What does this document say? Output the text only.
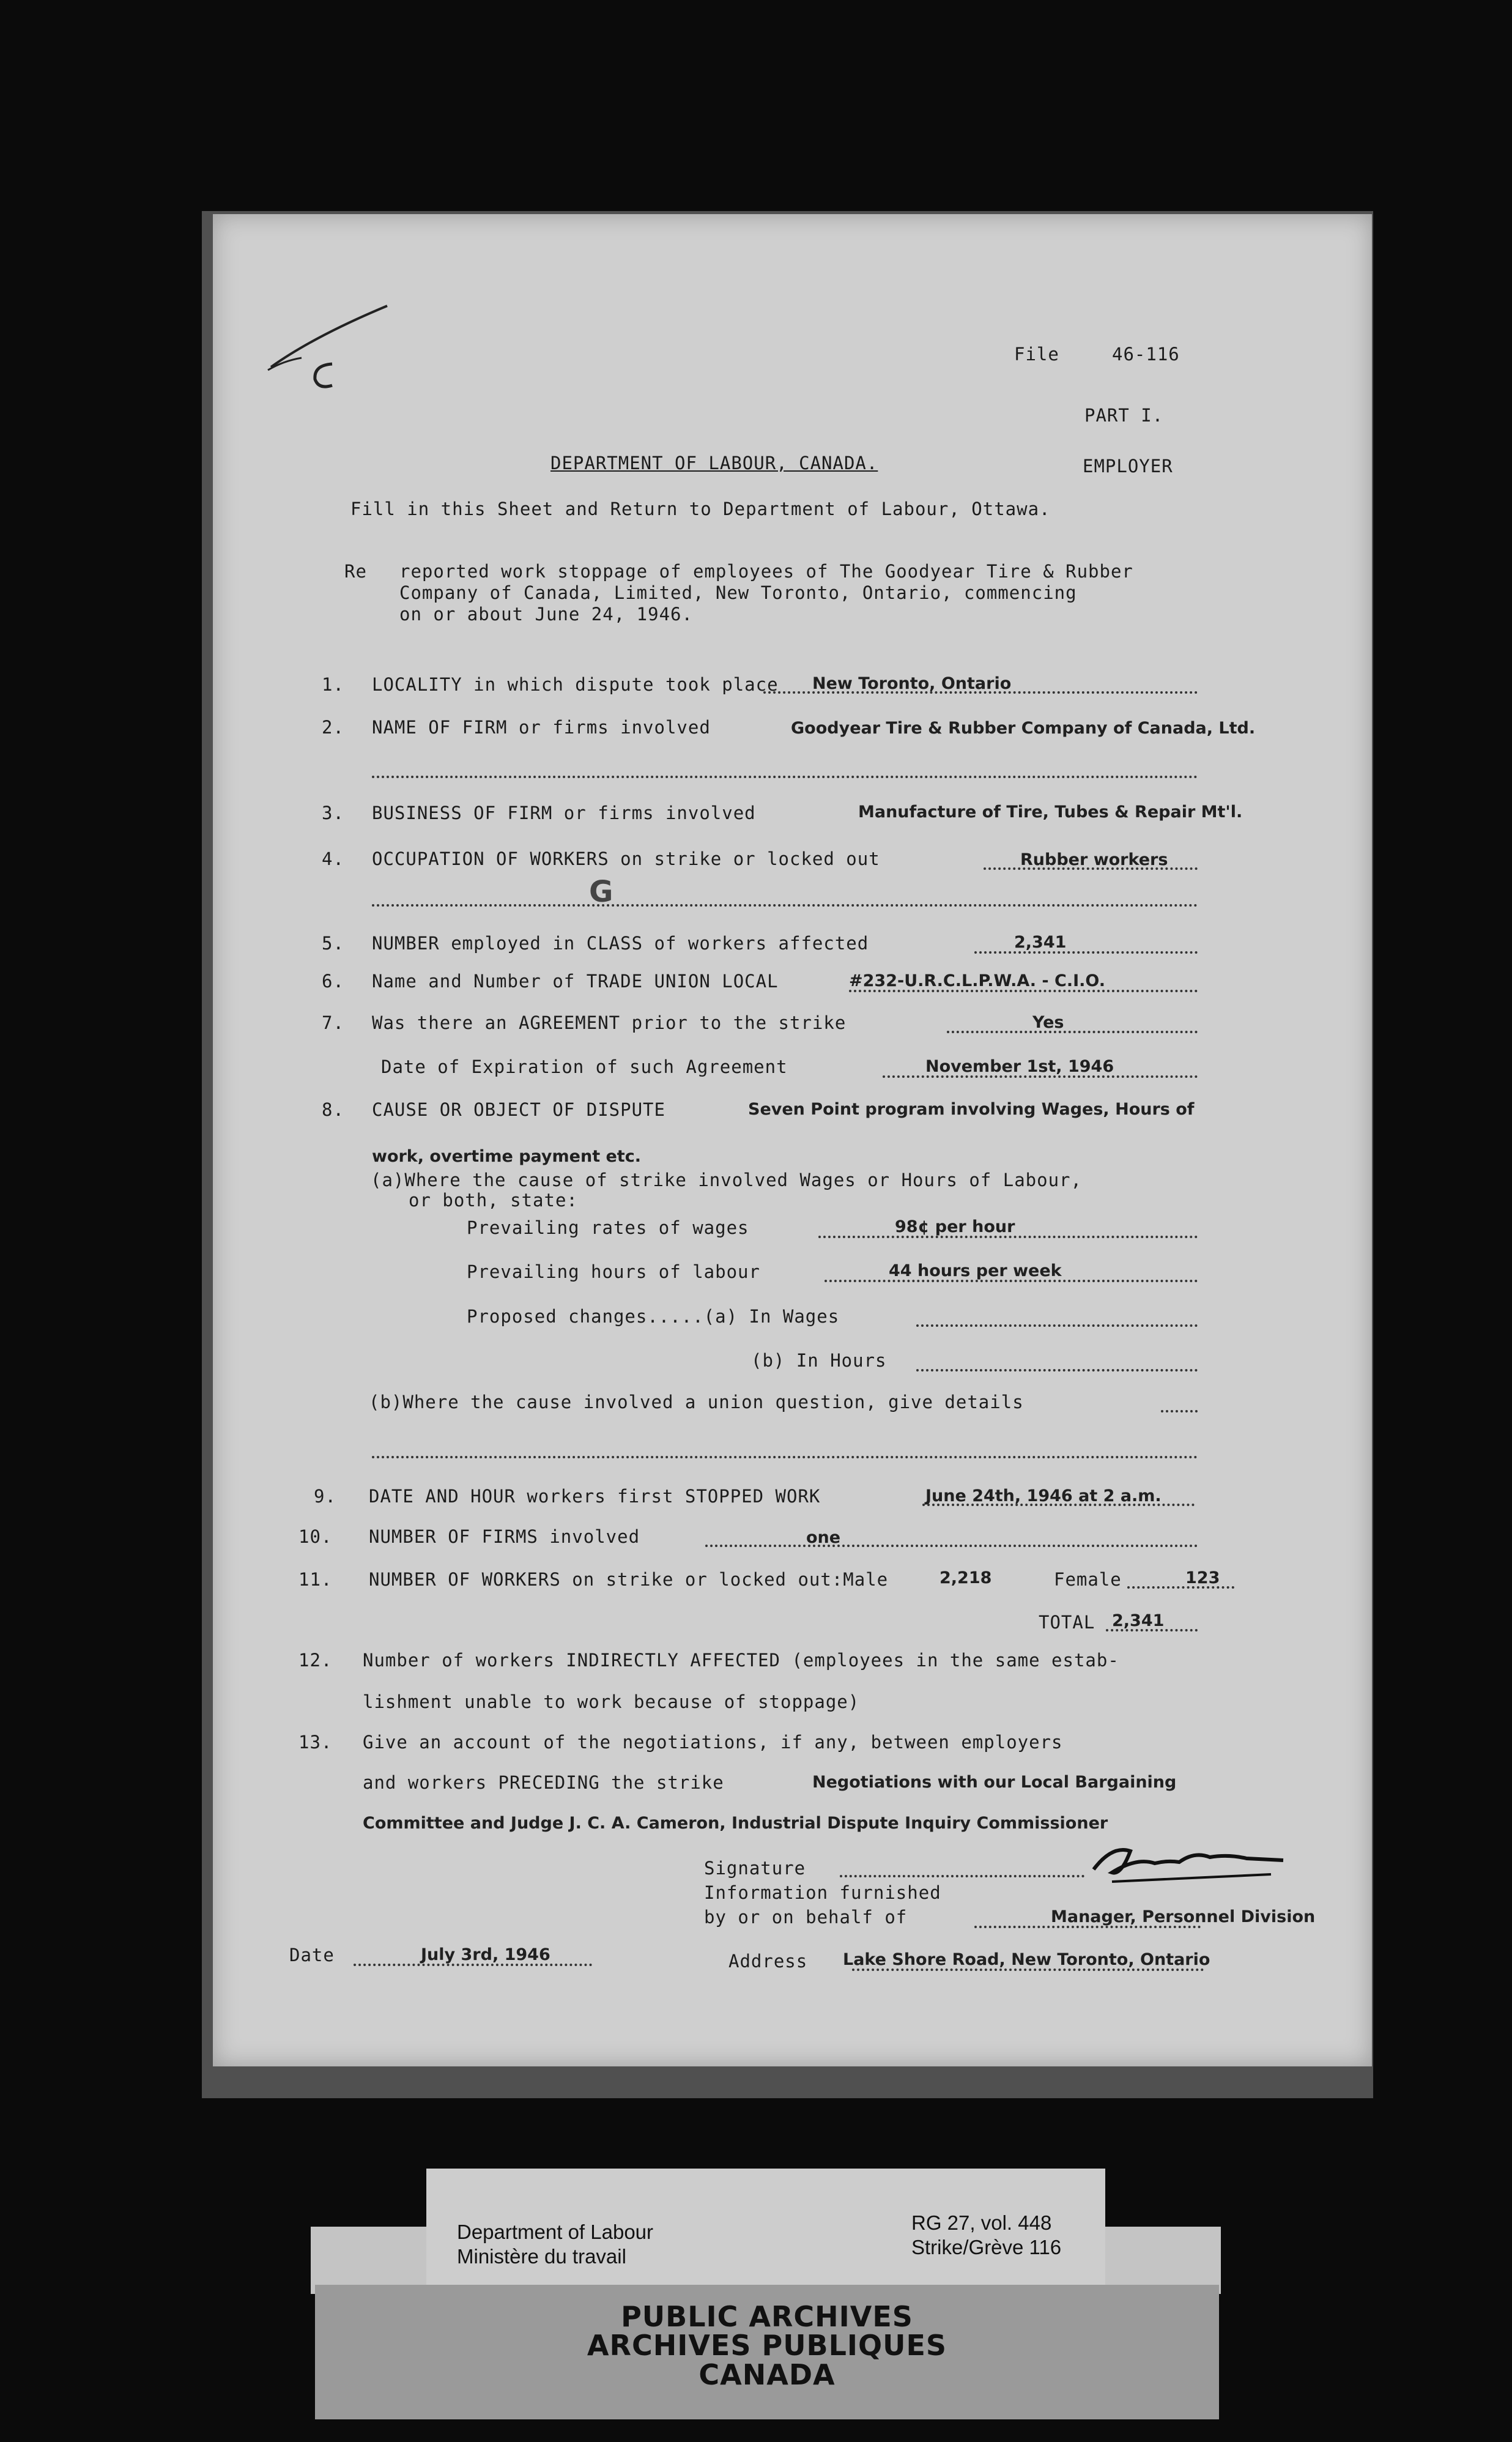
File	46-116
PART I.
DEPARTMENT OF LABOUR, CANADA.	EMPLOYER
Fill in this Sheet and Return to Department of Labour, Ottawa.
Re reported work stoppage of employees of The Goodyear Tire & Rubber
Company of Canada, Limited, New Toronto, Ontario, commencing
on or about June 24, 1946.
1. LOCALITY in which dispute took place New Toronto, Ontario
2. NAME OF FIRM or firms involved	Goodyear Tire & Rubber Company of Canada, Ltd.
3. BUSINESS OF FIRM or firms involved	Manufacture of Tire, Tubes & Repair Mt'l.
4. OCCUPATION OF WORKERS on strike or locked out	Rubber workers
G
5. NUMBER employed in CLASS of workers affected	2,341
6. Name and Number of TRADE UNION LOCAL	#232-U.R.C.L.P.W.A. - C.I.O.
7. Was there an AGREEMENT prior to the strike	Yes
Date of Expiration of such Agreement	November 1st, 1946
8. CAUSE OR OBJECT OF DISPUTE	Seven Point program involving Wages, Hours of
work, overtime payment etc.
(a)Where the cause of strike involved Wages or Hours of Labour,
or both, state:
Prevailing rates of wages	98¢ per hour
Prevailing hours of labour	44 hours per week
Proposed changes.....(a) In Wages
(b) In Hours
(b)Where the cause involved a union question, give details
9. DATE AND HOUR workers first STOPPED WORK	June 24th, 1946 at 2 a.m.
10. NUMBER OF FIRMS involved	one
11. NUMBER OF WORKERS on strike or locked out:Male	2,218	Female	123
TOTAL 2,341
12. Number of workers INDIRECTLY AFFECTED (employees in the same estab-
lishment unable to work because of stoppage)
13. Give an account of the negotiations, if any, between employers
and workers PRECEDING the strike	Negotiations with our Local Bargaining
Committee and Judge J. C. A. Cameron, Industrial Dispute Inquiry Commissioner
Signature
Information furnished
by or on behalf of	Manager, Personnel Division
Date	July 3rd, 1946	Address Lake Shore Road, New Toronto, Ontario
Department of Labour
Ministère du travail
RG 27, vol. 448
Strike/Grève 116
PUBLIC ARCHIVES
ARCHIVES PUBLIQUES
CANADA
